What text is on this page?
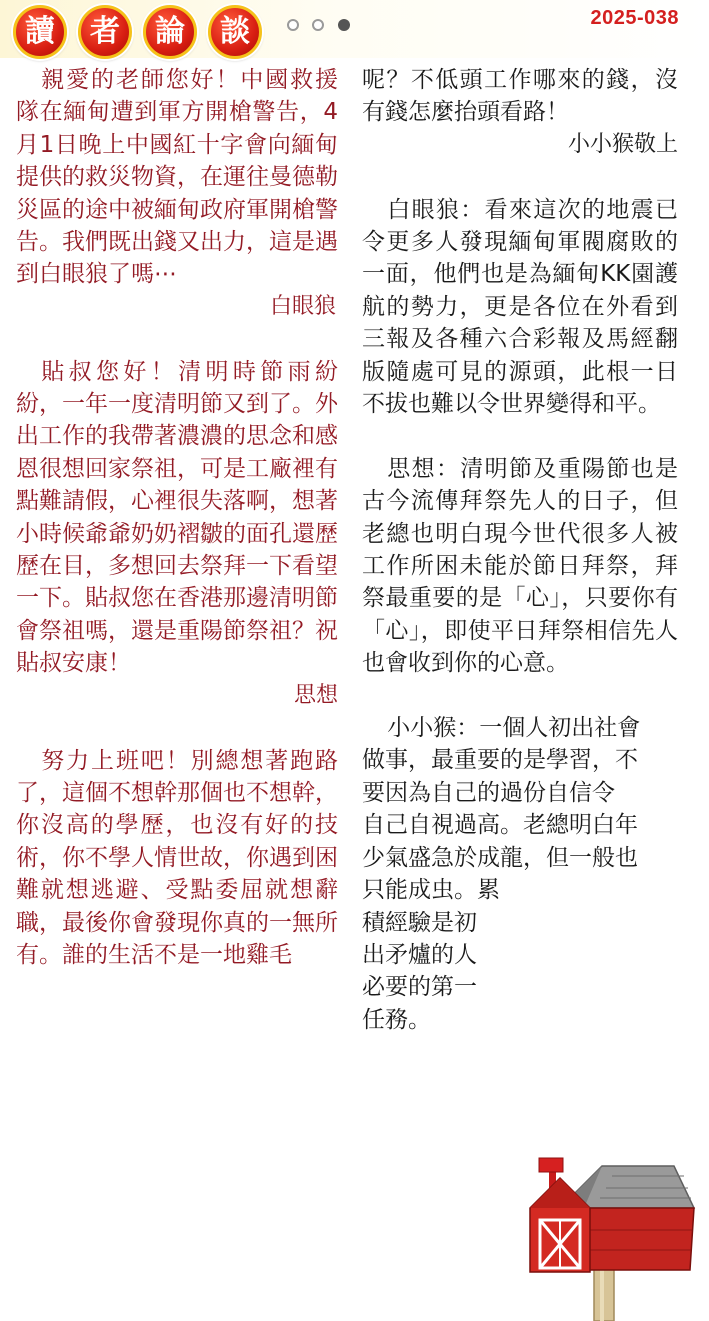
讀	者	論	談	2025-038

親愛的老師您好！中國救援隊在緬甸遭到軍方開槍警告，4月1日晚上中國紅十字會向緬甸提供的救災物資，在運往曼德勒災區的途中被緬甸政府軍開槍警告。我們既出錢又出力，這是遇到白眼狼了嗎⋯

白眼狼

貼叔您好！清明時節雨紛紛，一年一度清明節又到了。外出工作的我帶著濃濃的思念和感恩很想回家祭祖，可是工廠裡有點難請假，心裡很失落啊，想著小時候爺爺奶奶褶皺的面孔還歷歷在目，多想回去祭拜一下看望一下。貼叔您在香港那邊清明節會祭祖嗎，還是重陽節祭祖？祝貼叔安康！

思想

努力上班吧！別總想著跑路了，這個不想幹那個也不想幹，你沒高的學歷，也沒有好的技術，你不學人情世故，你遇到困難就想逃避、受點委屈就想辭職，最後你會發現你真的一無所有。誰的生活不是一地雞毛

呢？不低頭工作哪來的錢，沒有錢怎麼抬頭看路！

小小猴敬上

白眼狼：看來這次的地震已令更多人發現緬甸軍閥腐敗的一面，他們也是為緬甸KK園護航的勢力，更是各位在外看到三報及各種六合彩報及馬經翻版隨處可見的源頭，此根一日不拔也難以令世界變得和平。

思想：清明節及重陽節也是古今流傳拜祭先人的日子，但老總也明白現今世代很多人被工作所困未能於節日拜祭，拜祭最重要的是「心」，只要你有「心」，即使平日拜祭相信先人也會收到你的心意。

小小猴：一個人初出社會
做事，最重要的是學習，不
要因為自己的過份自信令
自己自視過高。老總明白年
少氣盛急於成龍，但一般也
只能成虫。累
積經驗是初
出矛爐的人
必要的第一
任務。
